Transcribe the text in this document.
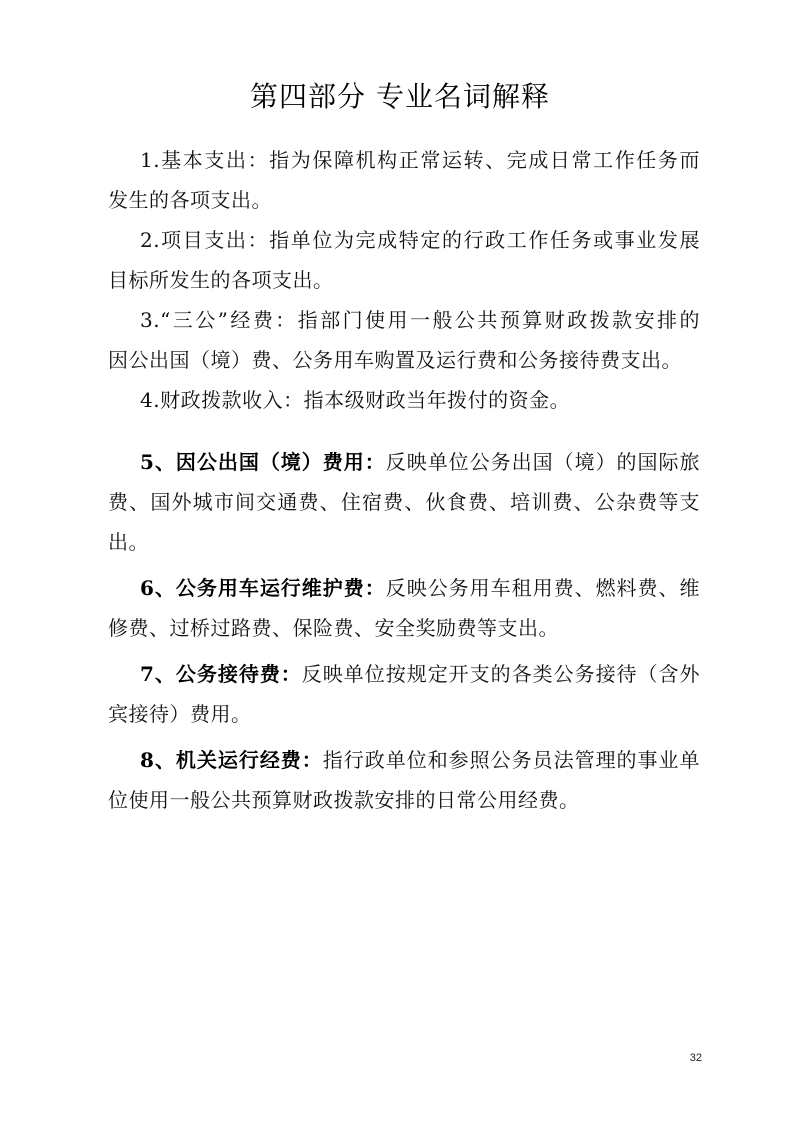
第四部分 专业名词解释
1.基本支出：指为保障机构正常运转、完成日常工作任务而
发生的各项支出。
2.项目支出：指单位为完成特定的行政工作任务或事业发展
目标所发生的各项支出。
3.“三公”经费：指部门使用一般公共预算财政拨款安排的
因公出国（境）费、公务用车购置及运行费和公务接待费支出。
4.财政拨款收入：指本级财政当年拨付的资金。
5、因公出国（境）费用：反映单位公务出国（境）的国际旅
费、国外城市间交通费、住宿费、伙食费、培训费、公杂费等支
出。
6、公务用车运行维护费：反映公务用车租用费、燃料费、维
修费、过桥过路费、保险费、安全奖励费等支出。
7、公务接待费：反映单位按规定开支的各类公务接待（含外
宾接待）费用。
8、机关运行经费：指行政单位和参照公务员法管理的事业单
位使用一般公共预算财政拨款安排的日常公用经费。
32
